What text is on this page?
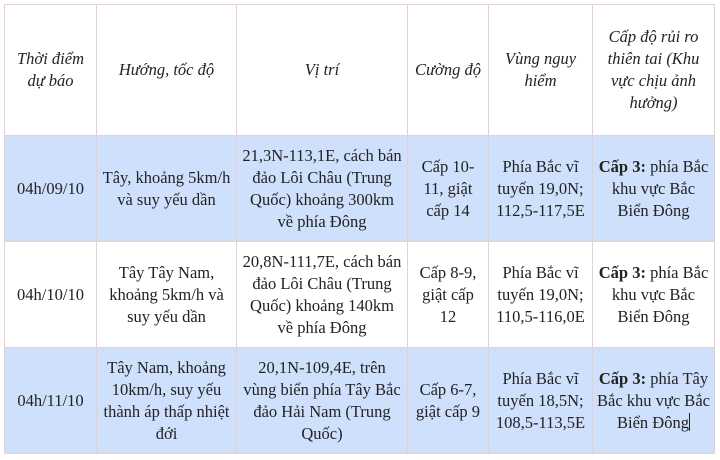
Thời điểm dự báo	Hướng, tốc độ	Vị trí	Cường độ	Vùng nguy hiểm	Cấp độ rủi ro thiên tai (Khu vực chịu ảnh hưởng)
04h/09/10	Tây, khoảng 5km/h và suy yếu dần	21,3N-113,1E, cách bán đảo Lôi Châu (Trung Quốc) khoảng 300km về phía Đông	Cấp 10-11, giật cấp 14	Phía Bắc vĩ tuyến 19,0N; 112,5-117,5E	Cấp 3: phía Bắc khu vực Bắc Biển Đông
04h/10/10	Tây Tây Nam, khoảng 5km/h và suy yếu dần	20,8N-111,7E, cách bán đảo Lôi Châu (Trung Quốc) khoảng 140km về phía Đông	Cấp 8-9, giật cấp 12	Phía Bắc vĩ tuyến 19,0N; 110,5-116,0E	Cấp 3: phía Bắc khu vực Bắc Biển Đông
04h/11/10	Tây Nam, khoảng 10km/h, suy yếu thành áp thấp nhiệt đới	20,1N-109,4E, trên vùng biển phía Tây Bắc đảo Hải Nam (Trung Quốc)	Cấp 6-7, giật cấp 9	Phía Bắc vĩ tuyến 18,5N; 108,5-113,5E	Cấp 3: phía Tây Bắc khu vực Bắc Biển Đông
